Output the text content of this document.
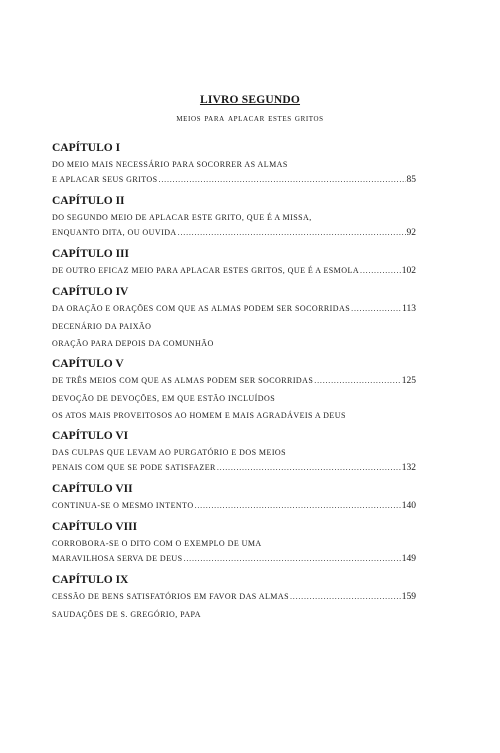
LIVRO SEGUNDO
meios para aplacar estes gritos
CAPÍTULO I
DO MEIO MAIS NECESSÁRIO PARA SOCORRER AS ALMAS
E APLACAR SEUS GRITOS .....	85
CAPÍTULO II
DO SEGUNDO MEIO DE APLACAR ESTE GRITO, QUE É A MISSA,
ENQUANTO DITA, OU OUVIDA .....	92
CAPÍTULO III
DE OUTRO EFICAZ MEIO PARA APLACAR ESTES GRITOS, QUE É A ESMOLA .....	102
CAPÍTULO IV
DA ORAÇÃO E ORAÇÕES COM QUE AS ALMAS PODEM SER SOCORRIDAS .....	113
DECENÁRIO DA PAIXÃO
ORAÇÃO PARA DEPOIS DA COMUNHÃO
CAPÍTULO V
DE TRÊS MEIOS COM QUE AS ALMAS PODEM SER SOCORRIDAS .....	125
DEVOÇÃO DE DEVOÇÕES, EM QUE ESTÃO INCLUÍDOS
OS ATOS MAIS PROVEITOSOS AO HOMEM E MAIS AGRADÁVEIS A DEUS
CAPÍTULO VI
DAS CULPAS QUE LEVAM AO PURGATÓRIO E DOS MEIOS
PENAIS COM QUE SE PODE SATISFAZER .....	132
CAPÍTULO VII
CONTINUA-SE O MESMO INTENTO .....	140
CAPÍTULO VIII
CORROBORA-SE O DITO COM O EXEMPLO DE UMA
MARAVILHOSA SERVA DE DEUS .....	149
CAPÍTULO IX
CESSÃO DE BENS SATISFATÓRIOS EM FAVOR DAS ALMAS .....	159
SAUDAÇÕES DE S. GREGÓRIO, PAPA
